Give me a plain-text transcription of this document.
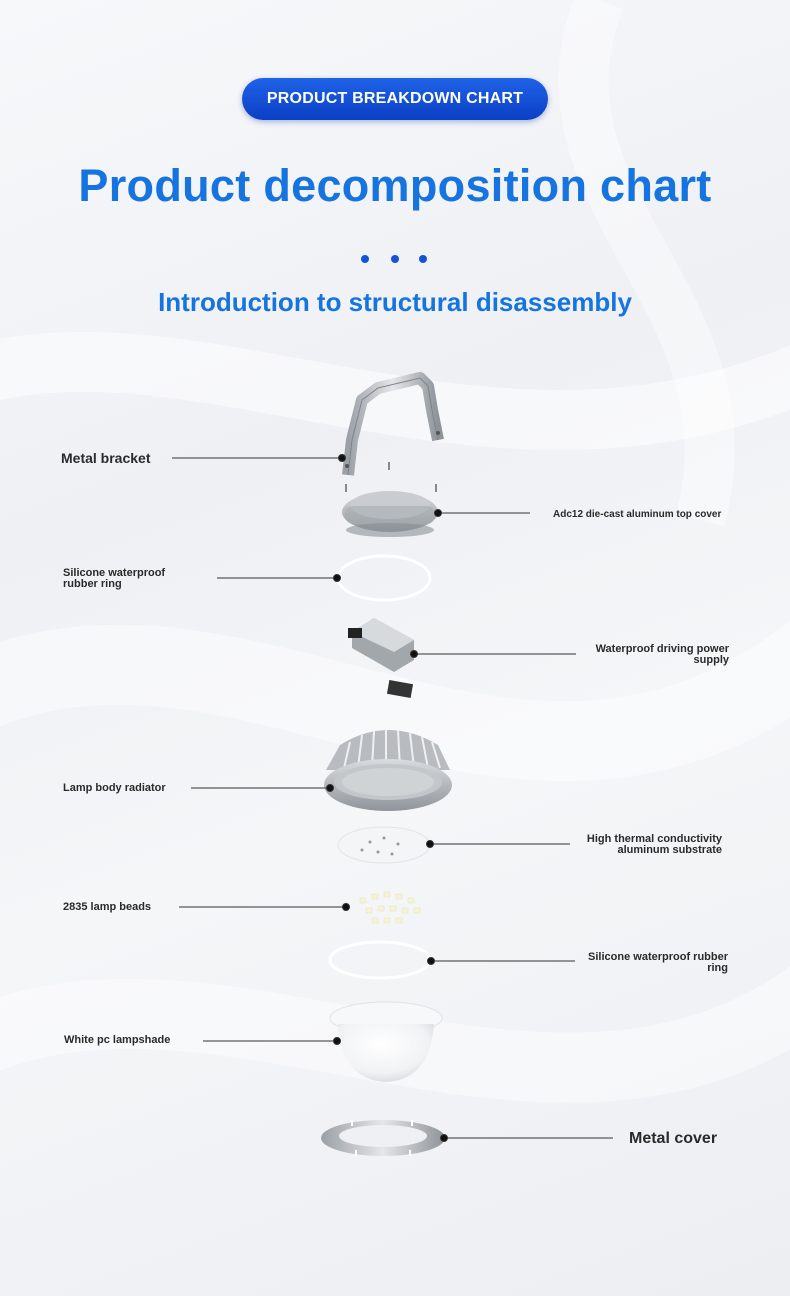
PRODUCT BREAKDOWN CHART
Product decomposition chart
Introduction to structural disassembly
Metal bracket
Adc12 die-cast aluminum top cover
Silicone waterproof
rubber ring
Waterproof driving power
supply
Lamp body radiator
High thermal conductivity
aluminum substrate
2835 lamp beads
Silicone waterproof rubber
ring
White pc lampshade
Metal cover
